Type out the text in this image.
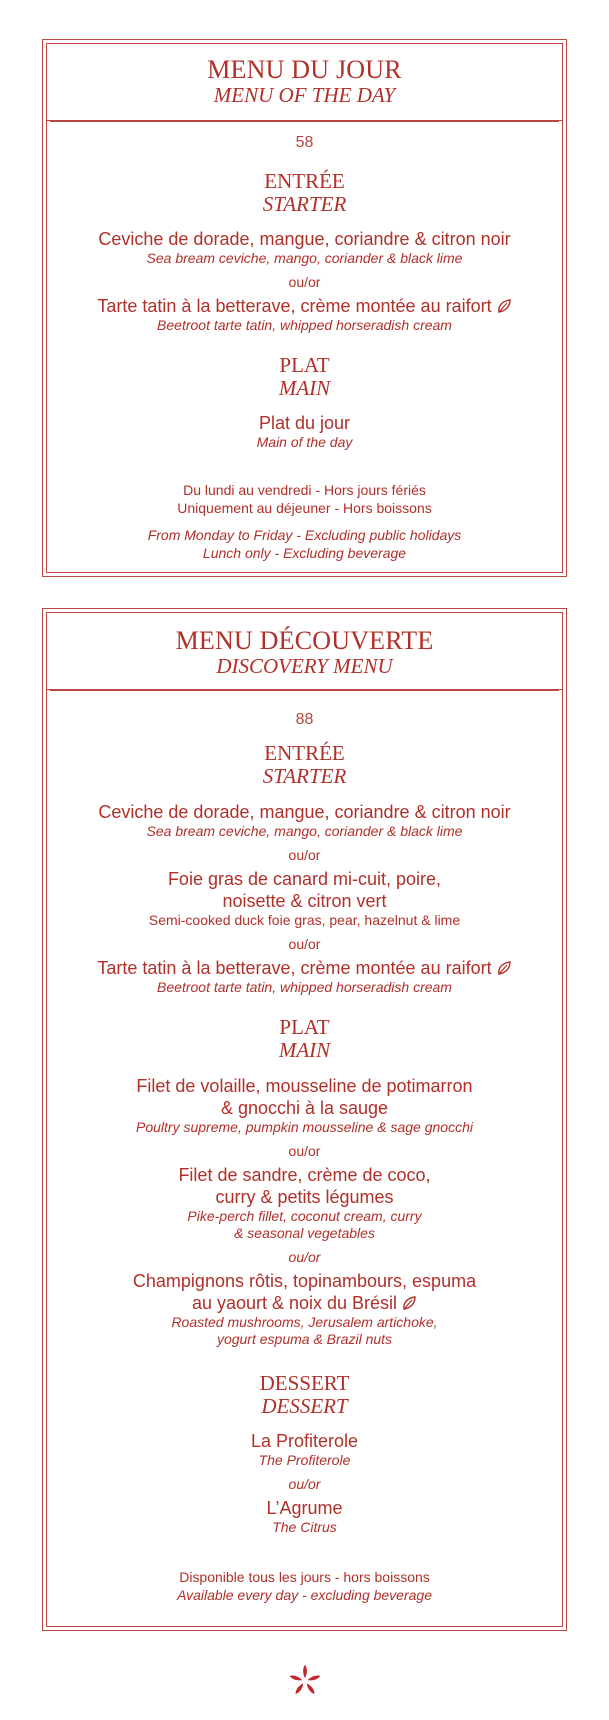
MENU DU JOUR
MENU OF THE DAY
58
ENTRÉE
STARTER
Ceviche de dorade, mangue, coriandre & citron noir
Sea bream ceviche, mango, coriander & black lime
ou/or
Tarte tatin à la betterave, crème montée au raifort
Beetroot tarte tatin, whipped horseradish cream
PLAT
MAIN
Plat du jour
Main of the day
Du lundi au vendredi - Hors jours fériés
Uniquement au déjeuner - Hors boissons
From Monday to Friday - Excluding public holidays
Lunch only - Excluding beverage
MENU DÉCOUVERTE
DISCOVERY MENU
88
ENTRÉE
STARTER
Ceviche de dorade, mangue, coriandre & citron noir
Sea bream ceviche, mango, coriander & black lime
ou/or
Foie gras de canard mi-cuit, poire,
noisette & citron vert
Semi-cooked duck foie gras, pear, hazelnut & lime
ou/or
Tarte tatin à la betterave, crème montée au raifort
Beetroot tarte tatin, whipped horseradish cream
PLAT
MAIN
Filet de volaille, mousseline de potimarron
& gnocchi à la sauge
Poultry supreme, pumpkin mousseline & sage gnocchi
ou/or
Filet de sandre, crème de coco,
curry & petits légumes
Pike-perch fillet, coconut cream, curry
& seasonal vegetables
ou/or
Champignons rôtis, topinambours, espuma
au yaourt & noix du Brésil
Roasted mushrooms, Jerusalem artichoke,
yogurt espuma & Brazil nuts
DESSERT
DESSERT
La Profiterole
The Profiterole
ou/or
L’Agrume
The Citrus
Disponible tous les jours - hors boissons
Available every day - excluding beverage
